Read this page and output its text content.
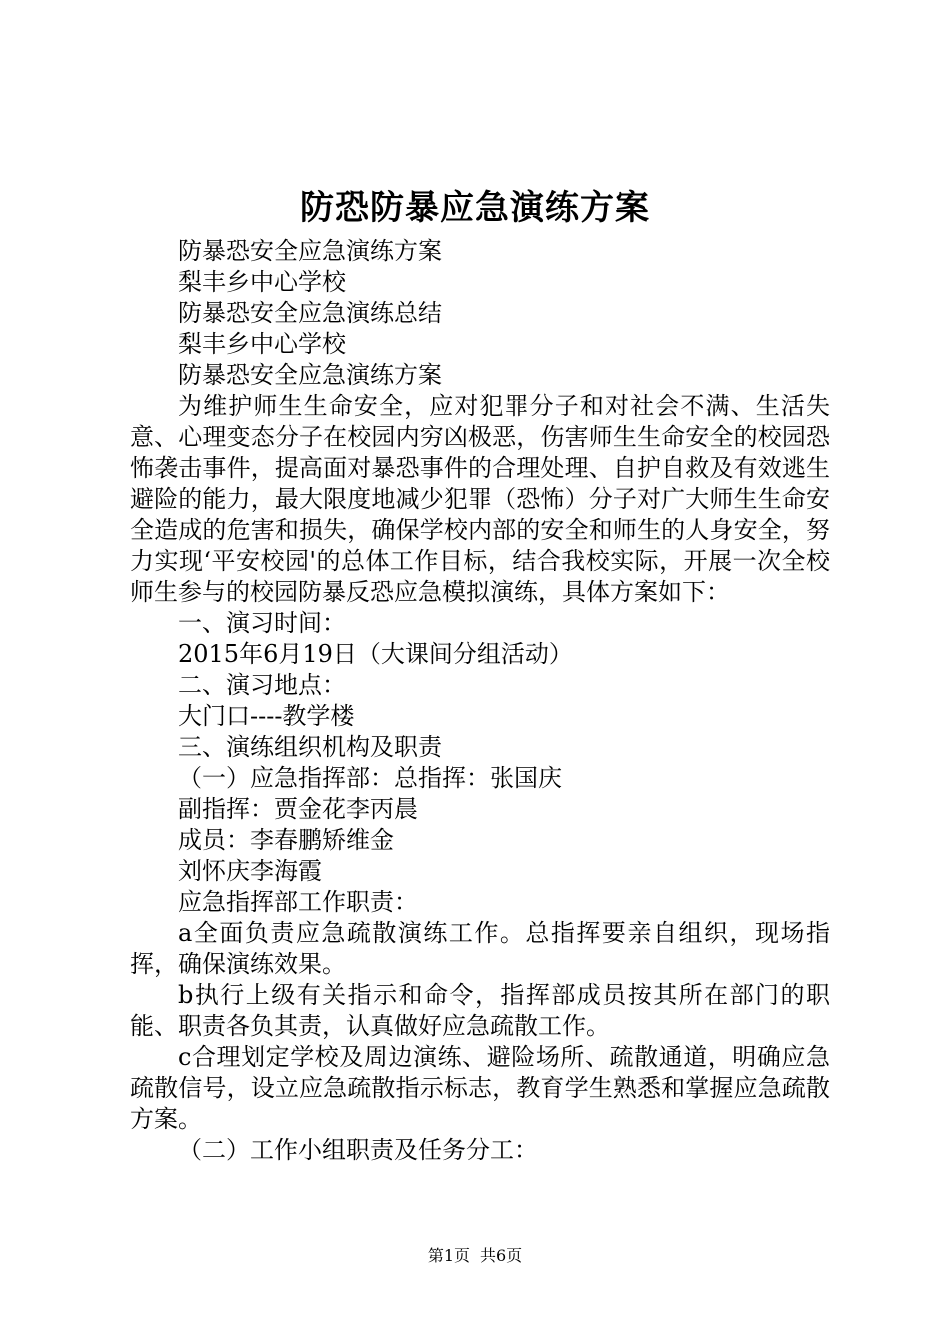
防恐防暴应急演练方案

防暴恐安全应急演练方案

梨丰乡中心学校

防暴恐安全应急演练总结

梨丰乡中心学校

防暴恐安全应急演练方案

为维护师生生命安全，应对犯罪分子和对社会不满、生活失意、心理变态分子在校园内穷凶极恶，伤害师生生命安全的校园恐怖袭击事件，提高面对暴恐事件的合理处理、自护自救及有效逃生避险的能力，最大限度地减少犯罪（恐怖）分子对广大师生生命安全造成的危害和损失，确保学校内部的安全和师生的人身安全，努力实现‘平安校园'的总体工作目标，结合我校实际，开展一次全校师生参与的校园防暴反恐应急模拟演练，具体方案如下：

一、演习时间：

2015年6月19日（大课间分组活动）

二、演习地点：

大门口----教学楼

三、演练组织机构及职责

（一）应急指挥部：总指挥：张国庆

副指挥：贾金花李丙晨

成员：李春鹏矫维金

刘怀庆李海霞

应急指挥部工作职责：

a全面负责应急疏散演练工作。总指挥要亲自组织，现场指挥，确保演练效果。

b执行上级有关指示和命令，指挥部成员按其所在部门的职能、职责各负其责，认真做好应急疏散工作。

c合理划定学校及周边演练、避险场所、疏散通道，明确应急疏散信号，设立应急疏散指示标志，教育学生熟悉和掌握应急疏散方案。

（二）工作小组职责及任务分工：

第1页 共6页
